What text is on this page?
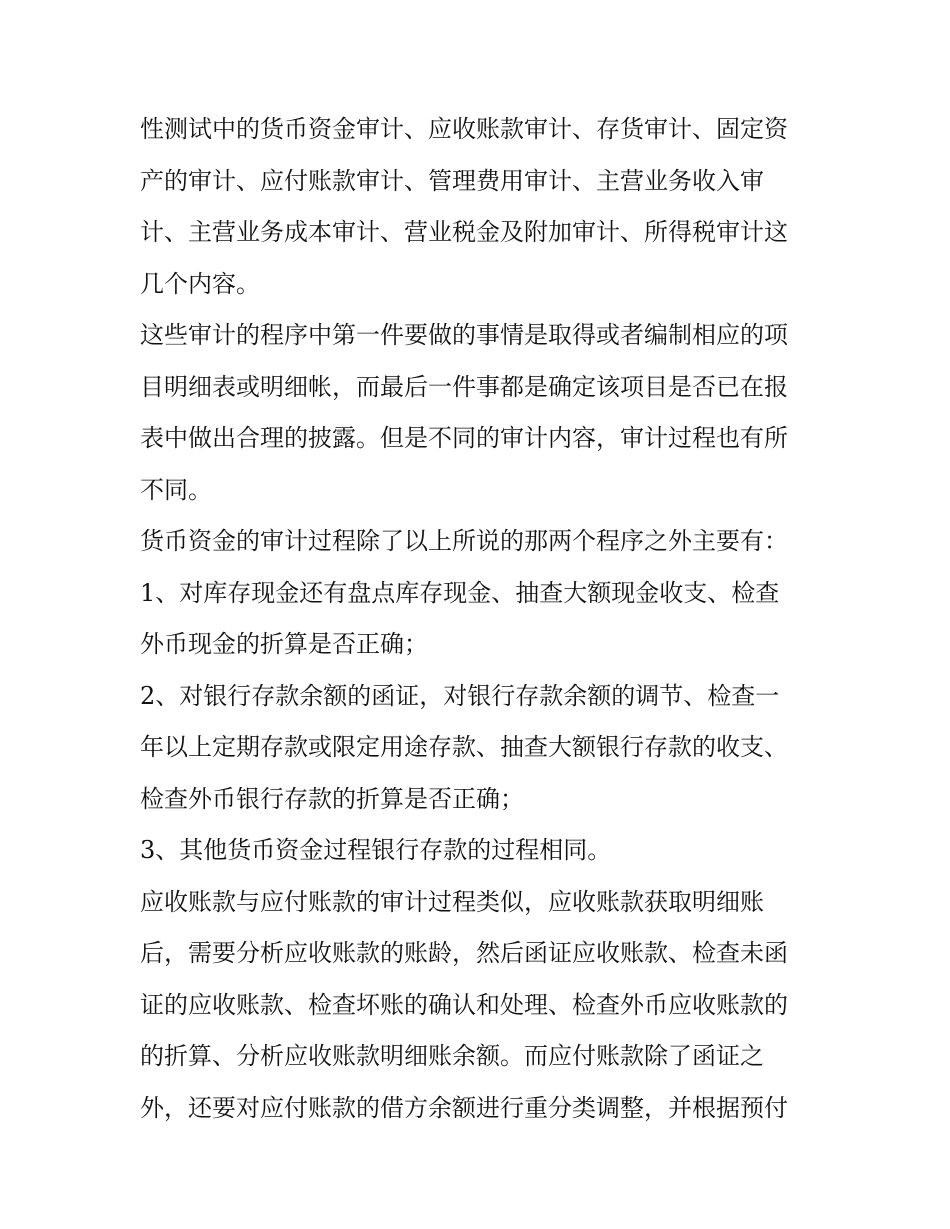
性测试中的货币资金审计、应收账款审计、存货审计、固定资
产的审计、应付账款审计、管理费用审计、主营业务收入审
计、主营业务成本审计、营业税金及附加审计、所得税审计这
几个内容。

这些审计的程序中第一件要做的事情是取得或者编制相应的项
目明细表或明细帐，而最后一件事都是确定该项目是否已在报
表中做出合理的披露。但是不同的审计内容，审计过程也有所
不同。

货币资金的审计过程除了以上所说的那两个程序之外主要有：

1、对库存现金还有盘点库存现金、抽查大额现金收支、检查
外币现金的折算是否正确；

2、对银行存款余额的函证，对银行存款余额的调节、检查一
年以上定期存款或限定用途存款、抽查大额银行存款的收支、
检查外币银行存款的折算是否正确；

3、其他货币资金过程银行存款的过程相同。

应收账款与应付账款的审计过程类似，应收账款获取明细账
后，需要分析应收账款的账龄，然后函证应收账款、检查未函
证的应收账款、检查坏账的确认和处理、检查外币应收账款的
的折算、分析应收账款明细账余额。而应付账款除了函证之
外，还要对应付账款的借方余额进行重分类调整，并根据预付
